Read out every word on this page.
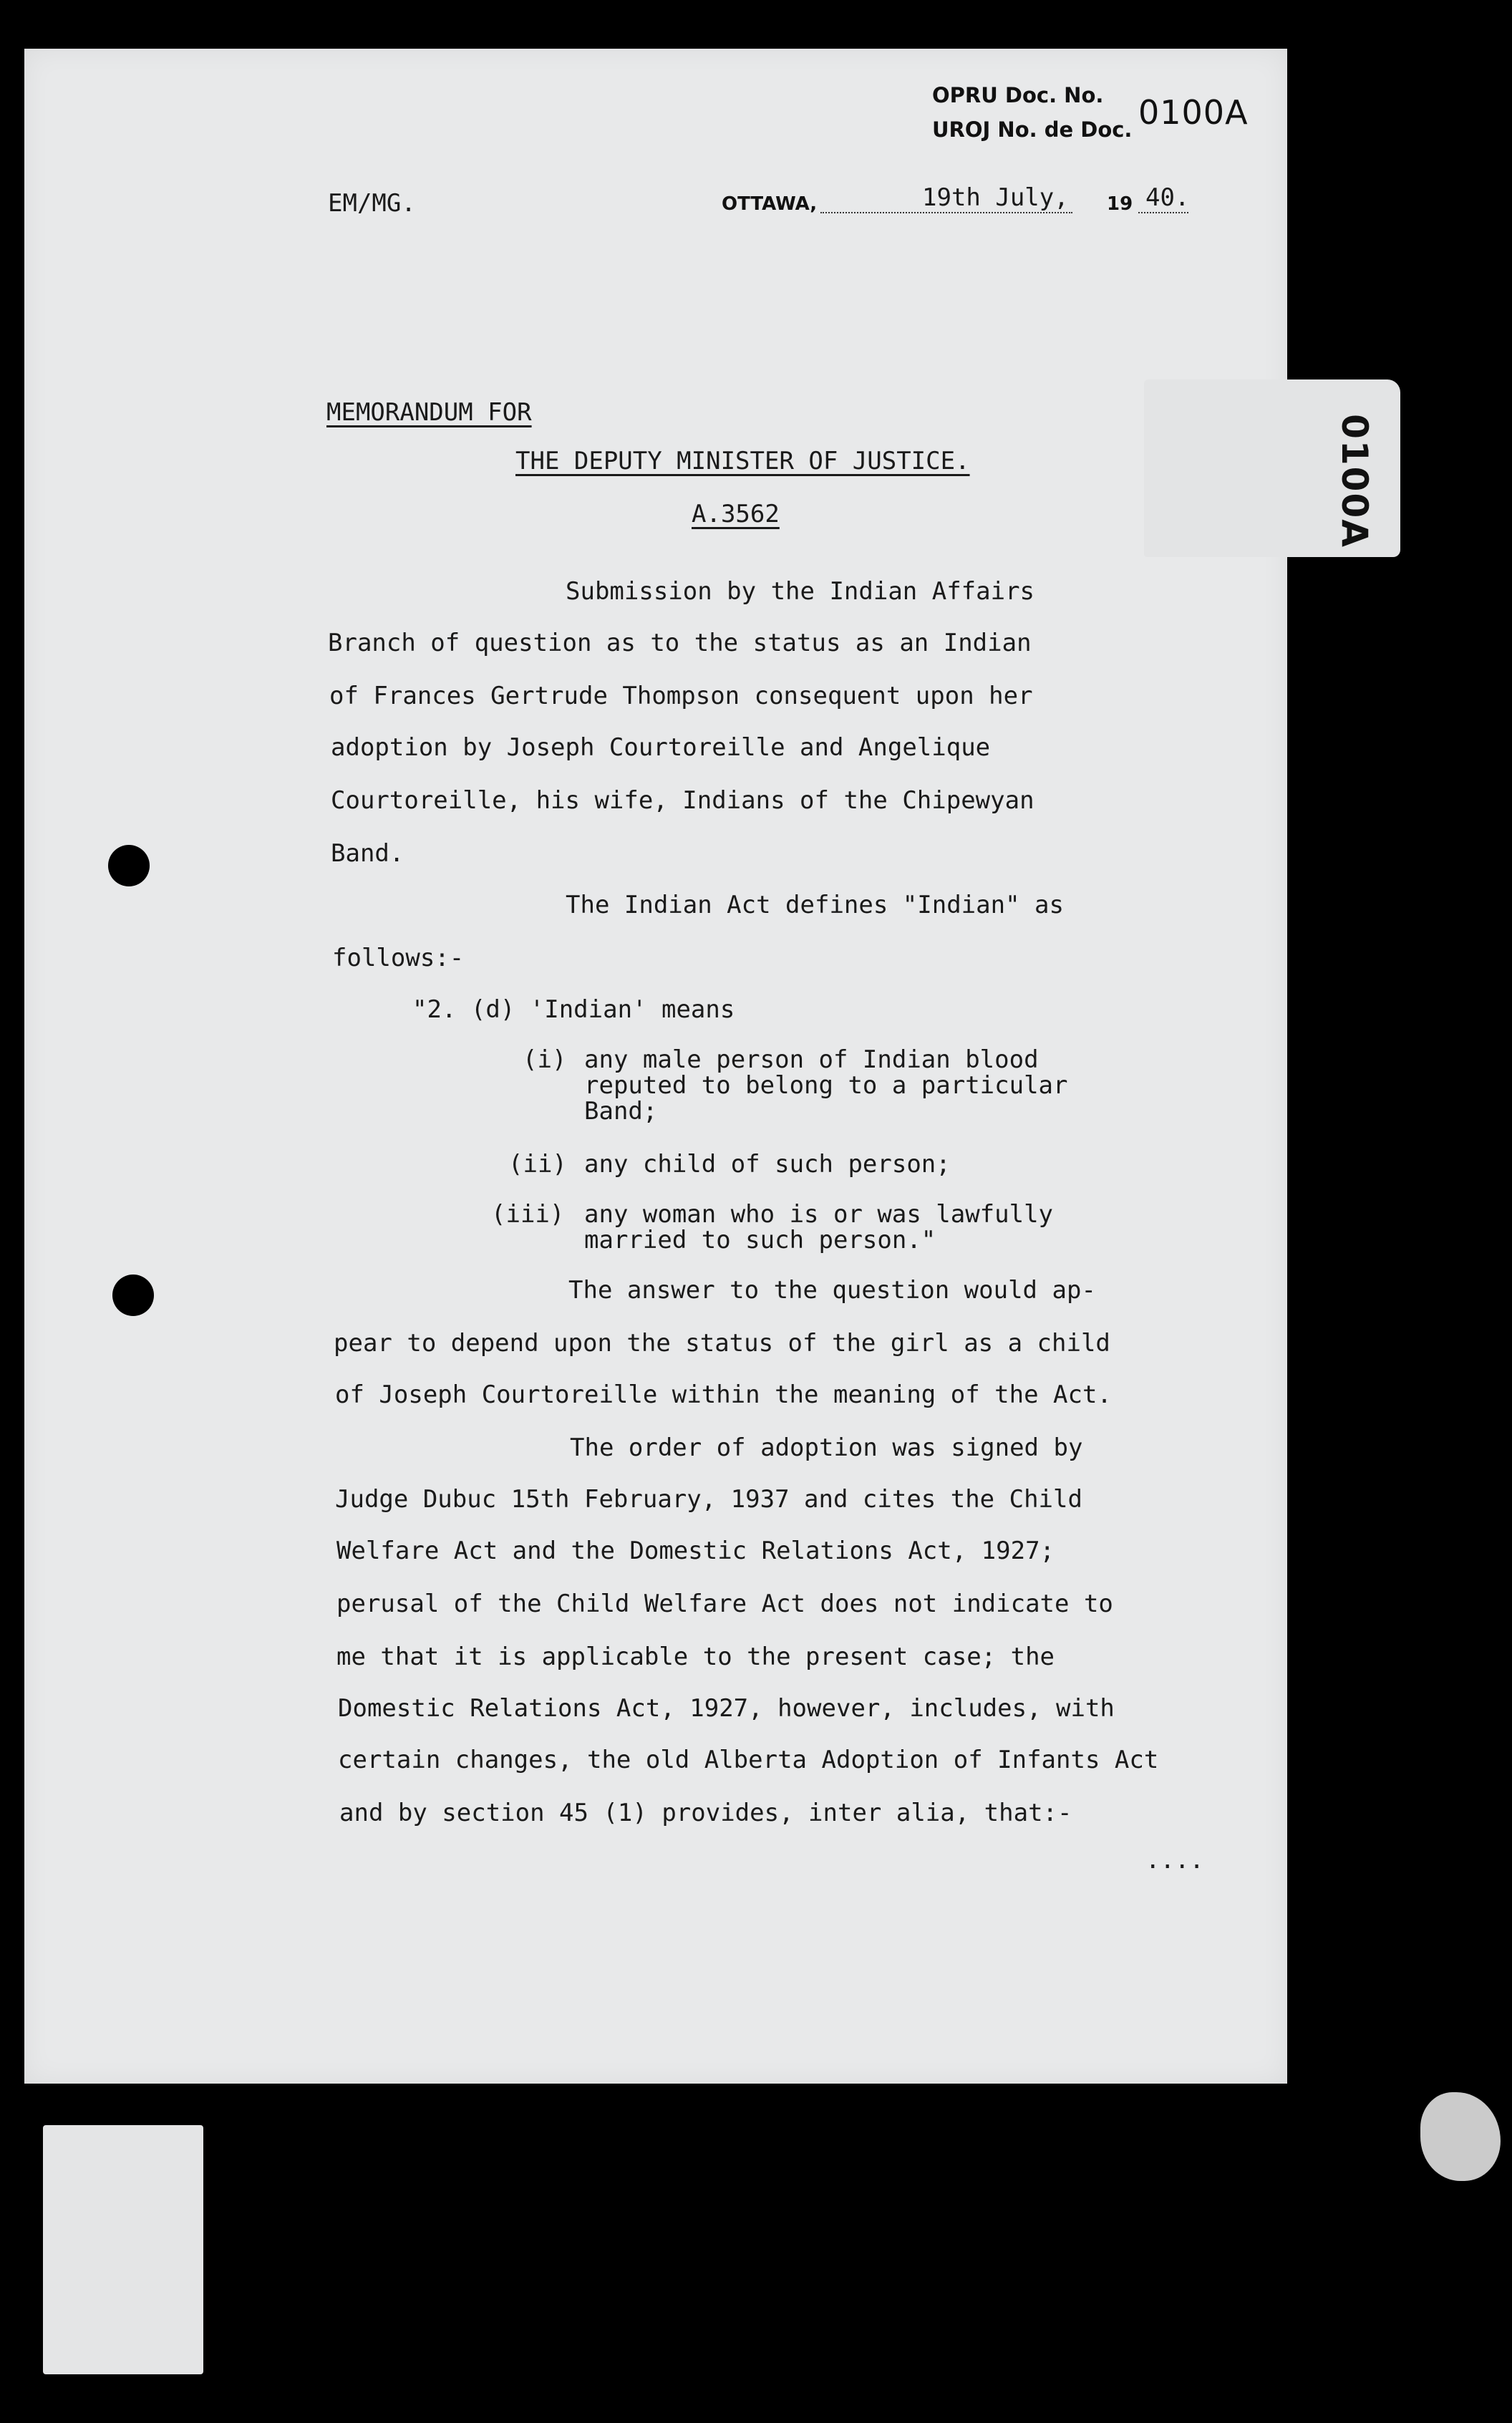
0100A
OPRU Doc. No.
UROJ No. de Doc. 0100A
EM/MG.	OTTAWA,	19th July, 19 40.
MEMORANDUM FOR
THE DEPUTY MINISTER OF JUSTICE.
A.3562
Submission by the Indian Affairs
Branch of question as to the status as an Indian
of Frances Gertrude Thompson consequent upon her
adoption by Joseph Courtoreille and Angelique
Courtoreille, his wife, Indians of the Chipewyan
Band.
The Indian Act defines "Indian" as
follows:-
"2. (d) 'Indian' means
(i) any male person of Indian blood
reputed to belong to a particular
Band;
(ii) any child of such person;
(iii) any woman who is or was lawfully
married to such person."
The answer to the question would ap-
pear to depend upon the status of the girl as a child
of Joseph Courtoreille within the meaning of the Act.
The order of adoption was signed by
Judge Dubuc 15th February, 1937 and cites the Child
Welfare Act and the Domestic Relations Act, 1927;
perusal of the Child Welfare Act does not indicate to
me that it is applicable to the present case; the
Domestic Relations Act, 1927, however, includes, with
certain changes, the old Alberta Adoption of Infants Act
and by section 45 (1) provides, inter alia, that:-
....
